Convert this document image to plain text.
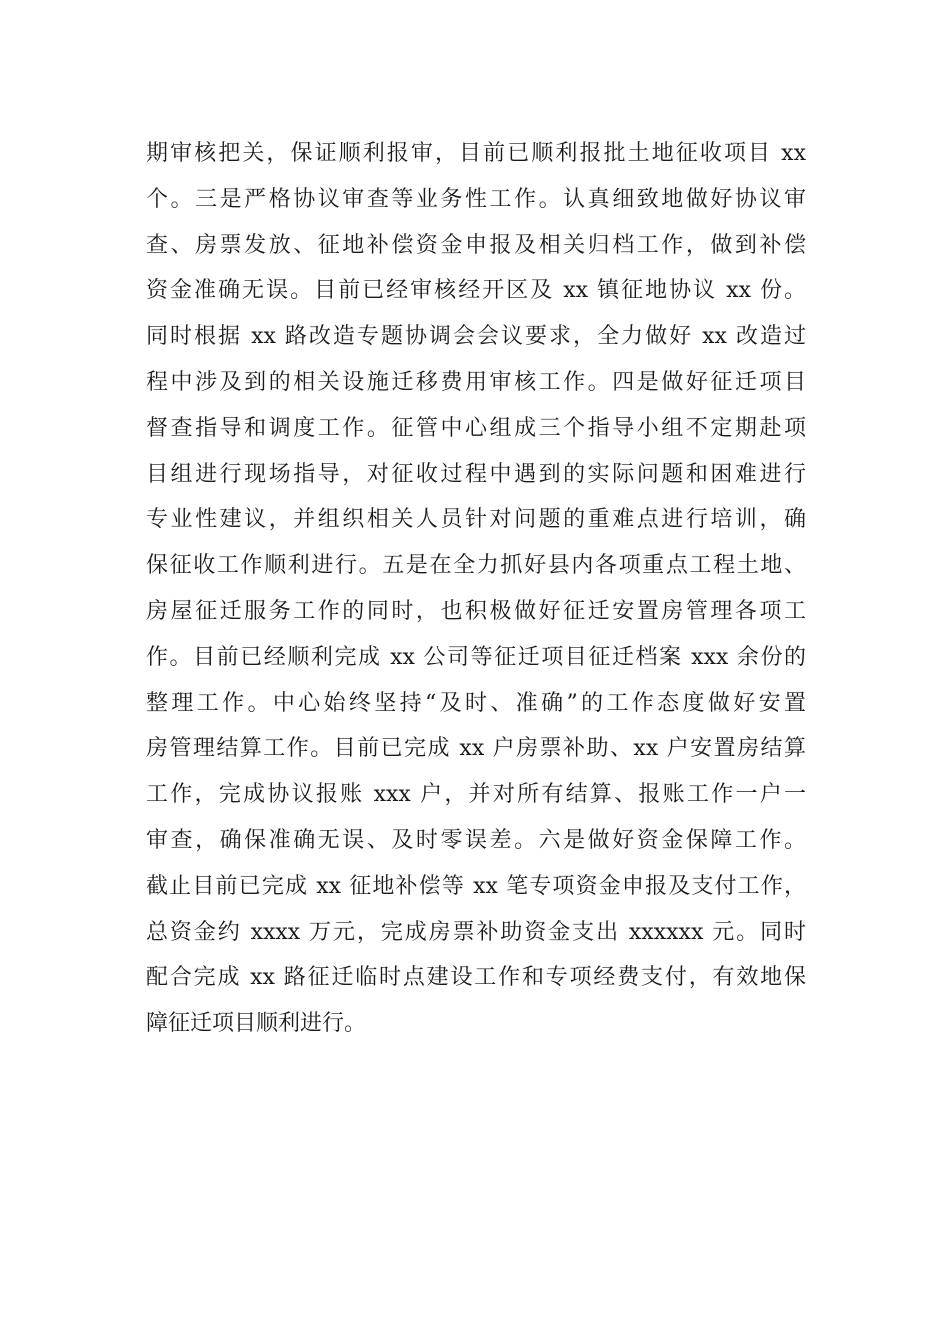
期审核把关，保证顺利报审，目前已顺利报批土地征收项目 xx
个。三是严格协议审查等业务性工作。认真细致地做好协议审
查、房票发放、征地补偿资金申报及相关归档工作，做到补偿
资金准确无误。目前已经审核经开区及 xx 镇征地协议 xx 份。
同时根据 xx 路改造专题协调会会议要求，全力做好 xx 改造过
程中涉及到的相关设施迁移费用审核工作。四是做好征迁项目
督查指导和调度工作。征管中心组成三个指导小组不定期赴项
目组进行现场指导，对征收过程中遇到的实际问题和困难进行
专业性建议，并组织相关人员针对问题的重难点进行培训，确
保征收工作顺利进行。五是在全力抓好县内各项重点工程土地、
房屋征迁服务工作的同时，也积极做好征迁安置房管理各项工
作。目前已经顺利完成 xx 公司等征迁项目征迁档案 xxx 余份的
整理工作。中心始终坚持“及时、准确”的工作态度做好安置
房管理结算工作。目前已完成 xx 户房票补助、xx 户安置房结算
工作，完成协议报账 xxx 户，并对所有结算、报账工作一户一
审查，确保准确无误、及时零误差。六是做好资金保障工作。
截止目前已完成 xx 征地补偿等 xx 笔专项资金申报及支付工作，
总资金约 xxxx 万元，完成房票补助资金支出 xxxxxx 元。同时
配合完成 xx 路征迁临时点建设工作和专项经费支付，有效地保
障征迁项目顺利进行。
